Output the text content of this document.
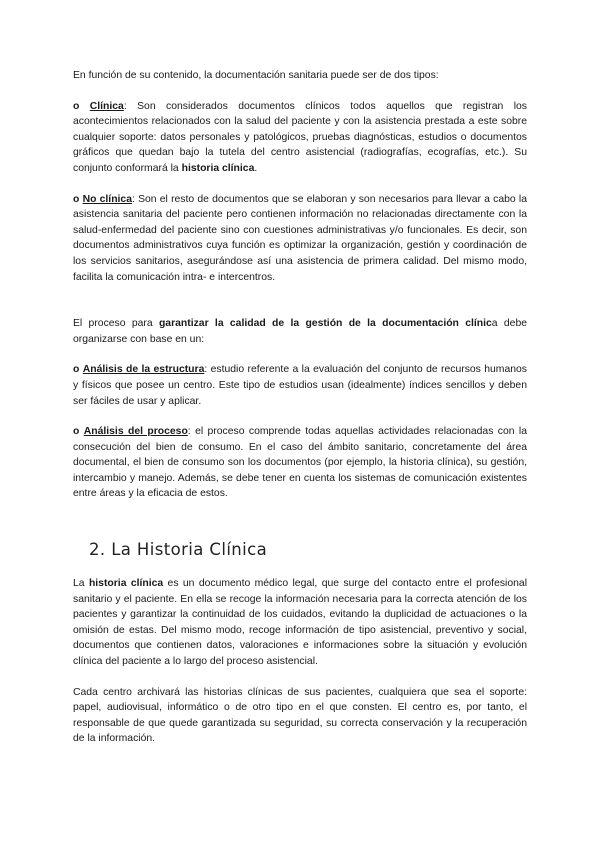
En función de su contenido, la documentación sanitaria puede ser de dos tipos:

o Clínica: Son considerados documentos clínicos todos aquellos que registran los acontecimientos relacionados con la salud del paciente y con la asistencia prestada a este sobre cualquier soporte: datos personales y patológicos, pruebas diagnósticas, estudios o documentos gráficos que quedan bajo la tutela del centro asistencial (radiografías, ecografías, etc.). Su conjunto conformará la historia clínica.

o No clínica: Son el resto de documentos que se elaboran y son necesarios para llevar a cabo la asistencia sanitaria del paciente pero contienen información no relacionadas directamente con la salud-enfermedad del paciente sino con cuestiones administrativas y/o funcionales. Es decir, son documentos administrativos cuya función es optimizar la organización, gestión y coordinación de los servicios sanitarios, asegurándose así una asistencia de primera calidad. Del mismo modo, facilita la comunicación intra- e intercentros.

El proceso para garantizar la calidad de la gestión de la documentación clínica debe organizarse con base en un:

o Análisis de la estructura: estudio referente a la evaluación del conjunto de recursos humanos y físicos que posee un centro. Este tipo de estudios usan (idealmente) índices sencillos y deben ser fáciles de usar y aplicar.

o Análisis del proceso: el proceso comprende todas aquellas actividades relacionadas con la consecución del bien de consumo. En el caso del ámbito sanitario, concretamente del área documental, el bien de consumo son los documentos (por ejemplo, la historia clínica), su gestión, intercambio y manejo. Además, se debe tener en cuenta los sistemas de comunicación existentes entre áreas y la eficacia de estos.

2. La Historia Clínica

La historia clínica es un documento médico legal, que surge del contacto entre el profesional sanitario y el paciente. En ella se recoge la información necesaria para la correcta atención de los pacientes y garantizar la continuidad de los cuidados, evitando la duplicidad de actuaciones o la omisión de estas. Del mismo modo, recoge información de tipo asistencial, preventivo y social, documentos que contienen datos, valoraciones e informaciones sobre la situación y evolución clínica del paciente a lo largo del proceso asistencial.

Cada centro archivará las historias clínicas de sus pacientes, cualquiera que sea el soporte: papel, audiovisual, informático o de otro tipo en el que consten. El centro es, por tanto, el responsable de que quede garantizada su seguridad, su correcta conservación y la recuperación de la información.
